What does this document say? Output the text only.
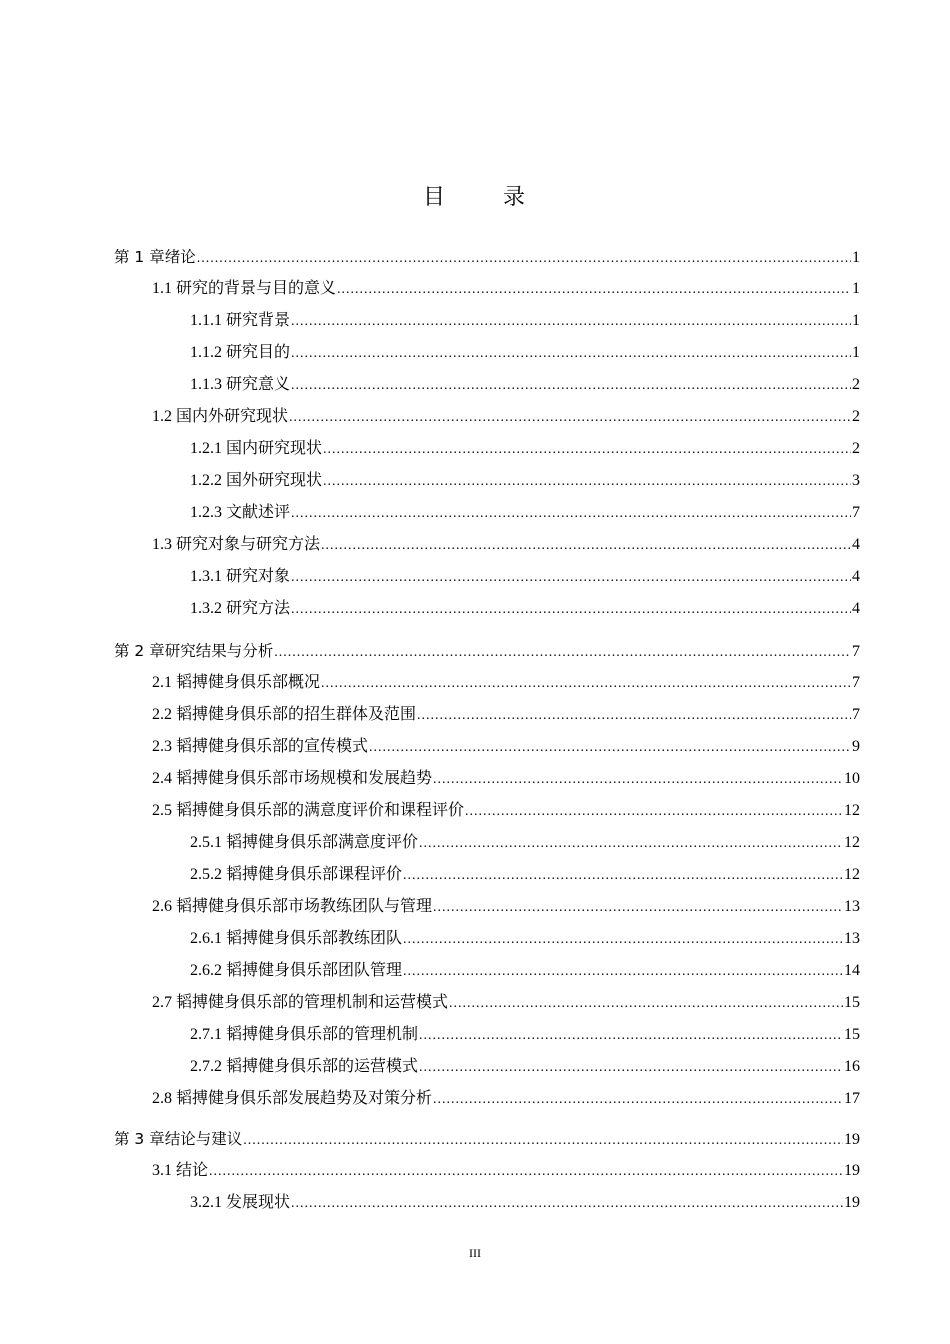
目	录
第 1 章绪论 .....	1
1.1 研究的背景与目的意义 .....	1
1.1.1 研究背景 .....	1
1.1.2 研究目的 .....	1
1.1.3 研究意义 .....	2
1.2 国内外研究现状 .....	2
1.2.1 国内研究现状 .....	2
1.2.2 国外研究现状 .....	3
1.2.3 文献述评 .....	7
1.3 研究对象与研究方法 .....	4
1.3.1 研究对象 .....	4
1.3.2 研究方法 .....	4
第 2 章研究结果与分析 .....	7
2.1 韬搏健身俱乐部概况 .....	7
2.2 韬搏健身俱乐部的招生群体及范围 .....	7
2.3 韬搏健身俱乐部的宣传模式 .....	9
2.4 韬搏健身俱乐部市场规模和发展趋势 .....	10
2.5 韬搏健身俱乐部的满意度评价和课程评价 .....	12
2.5.1 韬搏健身俱乐部满意度评价 .....	12
2.5.2 韬搏健身俱乐部课程评价 .....	12
2.6 韬搏健身俱乐部市场教练团队与管理 .....	13
2.6.1 韬搏健身俱乐部教练团队 .....	13
2.6.2 韬搏健身俱乐部团队管理 .....	14
2.7 韬搏健身俱乐部的管理机制和运营模式 .....	15
2.7.1 韬搏健身俱乐部的管理机制 .....	15
2.7.2 韬搏健身俱乐部的运营模式 .....	16
2.8 韬搏健身俱乐部发展趋势及对策分析 .....	17
第 3 章结论与建议 .....	19
3.1 结论 .....	19
3.2.1 发展现状 .....	19
III
